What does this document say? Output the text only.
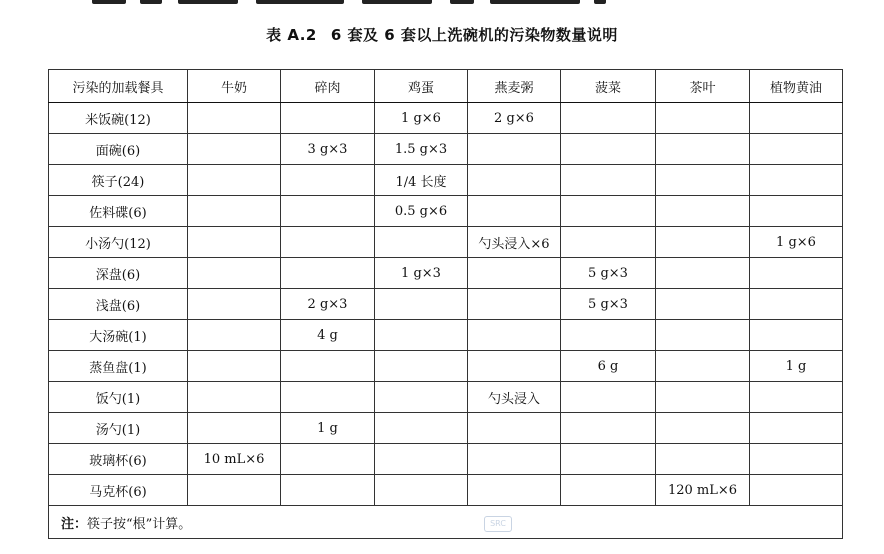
表 A.2 6 套及 6 套以上洗碗机的污染物数量说明
污染的加载餐具	牛奶	碎肉	鸡蛋	燕麦粥	菠菜	茶叶	植物黄油
米饭碗(12)			1 g×6	2 g×6			
面碗(6)		3 g×3	1.5 g×3				
筷子(24)			1/4 长度				
佐料碟(6)			0.5 g×6				
小汤勺(12)				勺头浸入×6			1 g×6
深盘(6)			1 g×3		5 g×3		
浅盘(6)		2 g×3			5 g×3		
大汤碗(1)		4 g					
蒸鱼盘(1)					6 g		1 g
饭勺(1)				勺头浸入			
汤勺(1)		1 g					
玻璃杯(6)	10 mL×6						
马克杯(6)						120 mL×6	
注：筷子按“根”计算。								SRC
